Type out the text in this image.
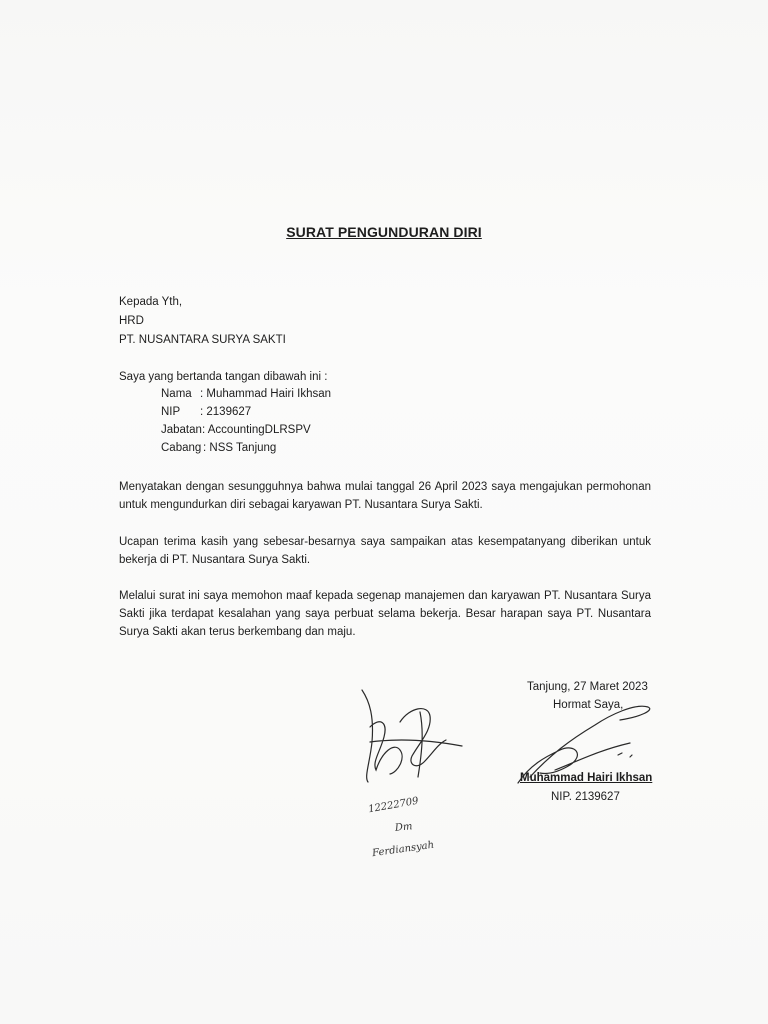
SURAT PENGUNDURAN DIRI
Kepada Yth,
HRD
PT. NUSANTARA SURYA SAKTI
Saya yang bertanda tangan dibawah ini :
Nama : Muhammad Hairi Ikhsan
NIP : 2139627
Jabatan : AccountingDLRSPV
Cabang : NSS Tanjung
Menyatakan dengan sesungguhnya bahwa mulai tanggal 26 April 2023 saya mengajukan permohonan untuk mengundurkan diri sebagai karyawan PT. Nusantara Surya Sakti.
Ucapan terima kasih yang sebesar-besarnya saya sampaikan atas kesempatanyang diberikan untuk bekerja di PT. Nusantara Surya Sakti.
Melalui surat ini saya memohon maaf kepada segenap manajemen dan karyawan PT. Nusantara Surya Sakti jika terdapat kesalahan yang saya perbuat selama bekerja. Besar harapan saya PT. Nusantara Surya Sakti akan terus berkembang dan maju.
Tanjung, 27 Maret 2023
Hormat Saya,
Muhammad Hairi Ikhsan
NIP. 2139627
12222709
Dm
Ferdiansyah
